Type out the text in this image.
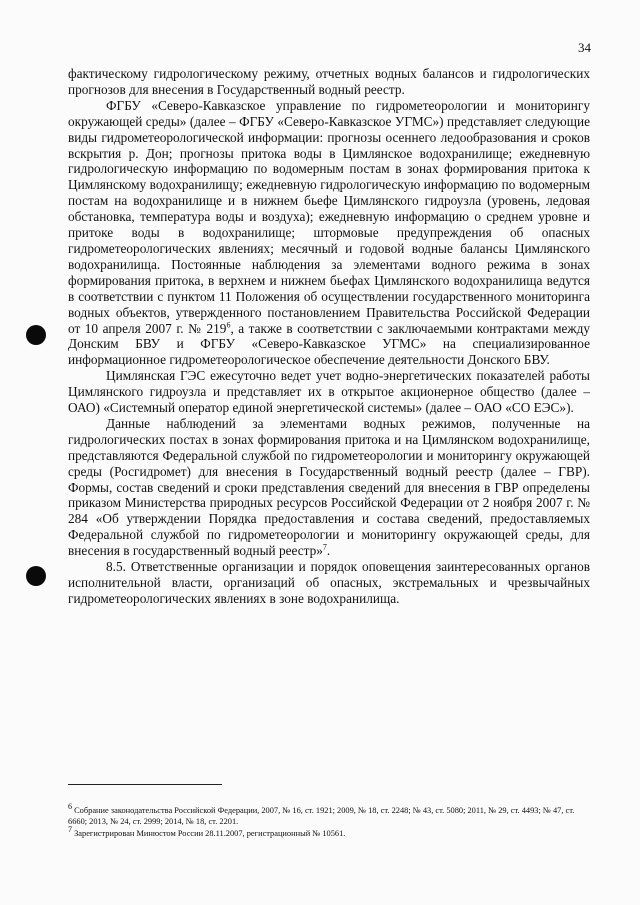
34

фактическому гидрологическому режиму, отчетных водных балансов и гидрологических прогнозов для внесения в Государственный водный реестр.

ФГБУ «Северо-Кавказское управление по гидрометеорологии и мониторингу окружающей среды» (далее – ФГБУ «Северо-Кавказское УГМС») представляет следующие виды гидрометеорологической информации: прогнозы осеннего ледообразования и сроков вскрытия р. Дон; прогнозы притока воды в Цимлянское водохранилище; ежедневную гидрологическую информацию по водомерным постам в зонах формирования притока к Цимлянскому водохранилищу; ежедневную гидрологическую информацию по водомерным постам на водохранилище и в нижнем бьефе Цимлянского гидроузла (уровень, ледовая обстановка, температура воды и воздуха); ежедневную информацию о среднем уровне и притоке воды в водохранилище; штормовые предупреждения об опасных гидрометеорологических явлениях; месячный и годовой водные балансы Цимлянского водохранилища. Постоянные наблюдения за элементами водного режима в зонах формирования притока, в верхнем и нижнем бьефах Цимлянского водохранилища ведутся в соответствии с пунктом 11 Положения об осуществлении государственного мониторинга водных объектов, утвержденного постановлением Правительства Российской Федерации от 10 апреля 2007 г. № $219^6$, а также в соответствии с заключаемыми контрактами между Донским БВУ и ФГБУ «Северо-Кавказское УГМС» на специализированное информационное гидрометеорологическое обеспечение деятельности Донского БВУ.

Цимлянская ГЭС ежесуточно ведет учет водно-энергетических показателей работы Цимлянского гидроузла и представляет их в открытое акционерное общество (далее – ОАО) «Системный оператор единой энергетической системы» (далее – ОАО «СО ЕЭС»).

Данные наблюдений за элементами водных режимов, полученные на гидрологических постах в зонах формирования притока и на Цимлянском водохранилище, представляются Федеральной службой по гидрометеорологии и мониторингу окружающей среды (Росгидромет) для внесения в Государственный водный реестр (далее – ГВР). Формы, состав сведений и сроки представления сведений для внесения в ГВР определены приказом Министерства природных ресурсов Российской Федерации от 2 ноября 2007 г. № 284 «Об утверждении Порядка предоставления и состава сведений, предоставляемых Федеральной службой по гидрометеорологии и мониторингу окружающей среды, для внесения в государственный водный реестр»$^7$.

8.5. Ответственные организации и порядок оповещения заинтересованных органов исполнительной власти, организаций об опасных, экстремальных и чрезвычайных гидрометеорологических явлениях в зоне водохранилища.

$^6$ Собрание законодательства Российской Федерации, 2007, № 16, ст. 1921; 2009, № 18, ст. 2248; № 43, ст. 5080; 2011, № 29, ст. 4493; № 47, ст. 6660; 2013, № 24, ст. 2999; 2014, № 18, ст. 2201.

$^7$ Зарегистрирован Минюстом России 28.11.2007, регистрационный № 10561.
